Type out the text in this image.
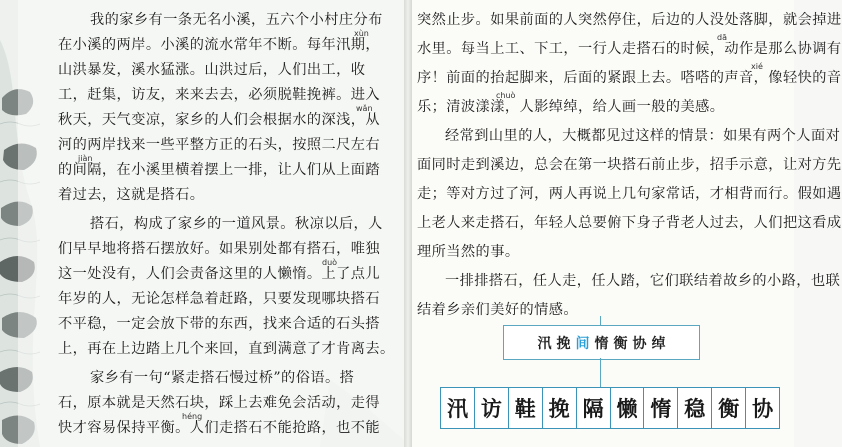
我的家乡有一条无名小溪，五六个小村庄分布
在小溪的两岸。小溪的流水常年不断。每年汛期，
山洪暴发，溪水猛涨。山洪过后，人们出工，收
工，赶集，访友，来来去去，必须脱鞋挽裤。进入
秋天，天气变凉，家乡的人们会根据水的深浅，从
河的两岸找来一些平整方正的石头，按照二尺左右
的间隔，在小溪里横着摆上一排，让人们从上面踏
着过去，这就是搭石。
搭石，构成了家乡的一道风景。秋凉以后，人
们早早地将搭石摆放好。如果别处都有搭石，唯独
这一处没有，人们会责备这里的人懒惰。上了点儿
年岁的人，无论怎样急着赶路，只要发现哪块搭石
不平稳，一定会放下带的东西，找来合适的石头搭
上，再在上边踏上几个来回，直到满意了才肯离去。
家乡有一句“紧走搭石慢过桥”的俗语。搭
石，原本就是天然石块，踩上去难免会活动，走得
快才容易保持平衡。人们走搭石不能抢路，也不能
xùn
wǎn
jiàn
duò
héng
突然止步。如果前面的人突然停住，后边的人没处落脚，就会掉进
水里。每当上工、下工，一行人走搭石的时候，动作是那么协调有
序！前面的抬起脚来，后面的紧跟上去。嗒嗒的声音，像轻快的音
乐；清波漾漾，人影绰绰，给人画一般的美感。
经常到山里的人，大概都见过这样的情景：如果有两个人面对
面同时走到溪边，总会在第一块搭石前止步，招手示意，让对方先
走；等对方过了河，两人再说上几句家常话，才相背而行。假如遇
上老人来走搭石，年轻人总要俯下身子背老人过去，人们把这看成
理所当然的事。
一排排搭石，任人走，任人踏，它们联结着故乡的小路，也联
结着乡亲们美好的情感。
dā
xié
chuò
汛 挽 间 惰 衡 协 绰
汛 访 鞋 挽 隔 懒 惰 稳 衡 协
